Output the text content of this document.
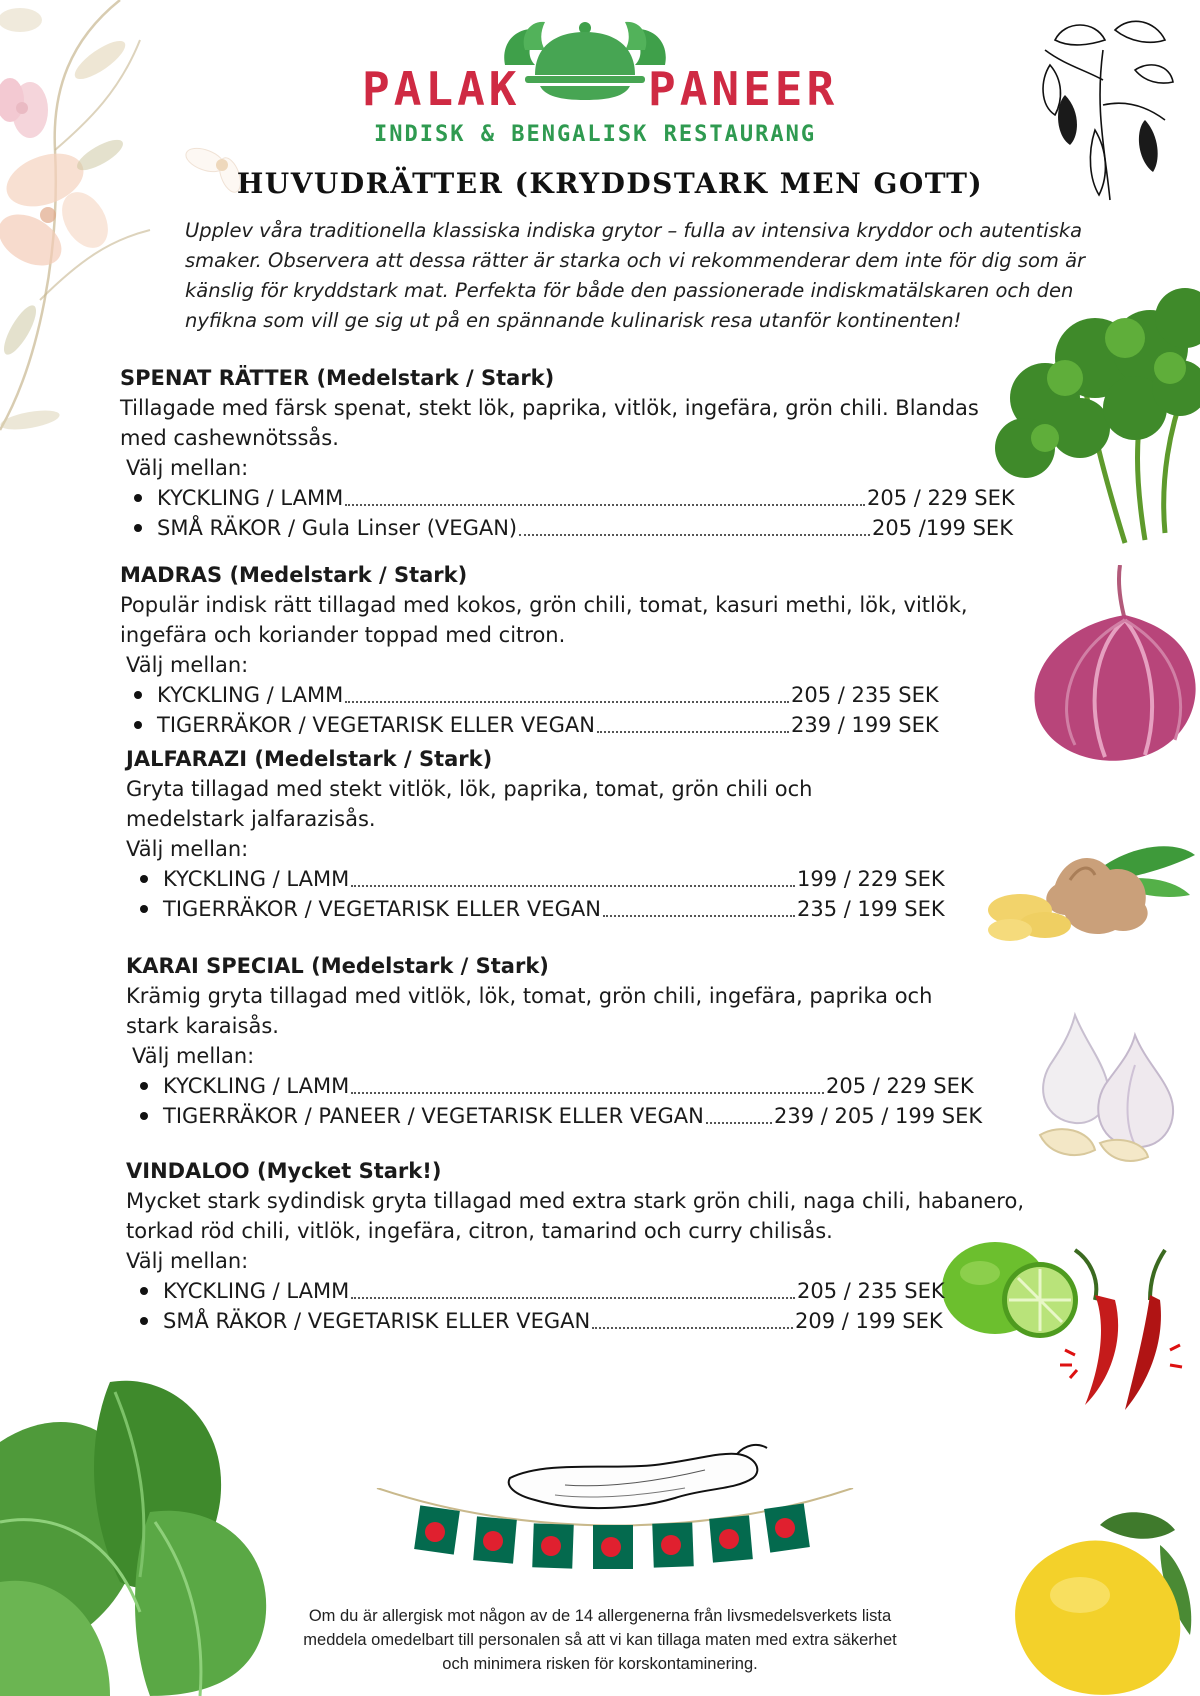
PALAK	PANEER
INDISK & BENGALISK RESTAURANG
HUVUDRÄTTER (KRYDDSTARK MEN GOTT)
Upplev våra traditionella klassiska indiska grytor – fulla av intensiva kryddor och autentiska smaker. Observera att dessa rätter är starka och vi rekommenderar dem inte för dig som är känslig för kryddstark mat. Perfekta för både den passionerade indiskmatälskaren och den nyfikna som vill ge sig ut på en spännande kulinarisk resa utanför kontinenten!

SPENAT RÄTTER (Medelstark / Stark)

Tillagade med färsk spenat, stekt lök, paprika, vitlök, ingefära, grön chili. Blandas med cashewnötssås.

Välj mellan:

KYCKLING / LAMM	205 / 229 SEK
SMÅ RÄKOR / Gula Linser (VEGAN)	205 /199 SEK

MADRAS (Medelstark / Stark)

Populär indisk rätt tillagad med kokos, grön chili, tomat, kasuri methi, lök, vitlök, ingefära och koriander toppad med citron.

Välj mellan:

KYCKLING / LAMM	205 / 235 SEK
TIGERRÄKOR / VEGETARISK ELLER VEGAN	239 / 199 SEK

JALFARAZI (Medelstark / Stark)

Gryta tillagad med stekt vitlök, lök, paprika, tomat, grön chili och medelstark jalfarazisås.

Välj mellan:

KYCKLING / LAMM	199 / 229 SEK
TIGERRÄKOR / VEGETARISK ELLER VEGAN	235 / 199 SEK

KARAI SPECIAL (Medelstark / Stark)

Krämig gryta tillagad med vitlök, lök, tomat, grön chili, ingefära, paprika och stark karaisås.

Välj mellan:

KYCKLING / LAMM	205 / 229 SEK
TIGERRÄKOR / PANEER / VEGETARISK ELLER VEGAN	239 / 205 / 199 SEK

VINDALOO (Mycket Stark!)

Mycket stark sydindisk gryta tillagad med extra stark grön chili, naga chili, habanero, torkad röd chili, vitlök, ingefära, citron, tamarind och curry chilisås.

Välj mellan:

KYCKLING / LAMM	205 / 235 SEK
SMÅ RÄKOR / VEGETARISK ELLER VEGAN	209 / 199 SEK
Om du är allergisk mot någon av de 14 allergenerna från livsmedelsverkets lista
meddela omedelbart till personalen så att vi kan tillaga maten med extra säkerhet
och minimera risken för korskontaminering.
